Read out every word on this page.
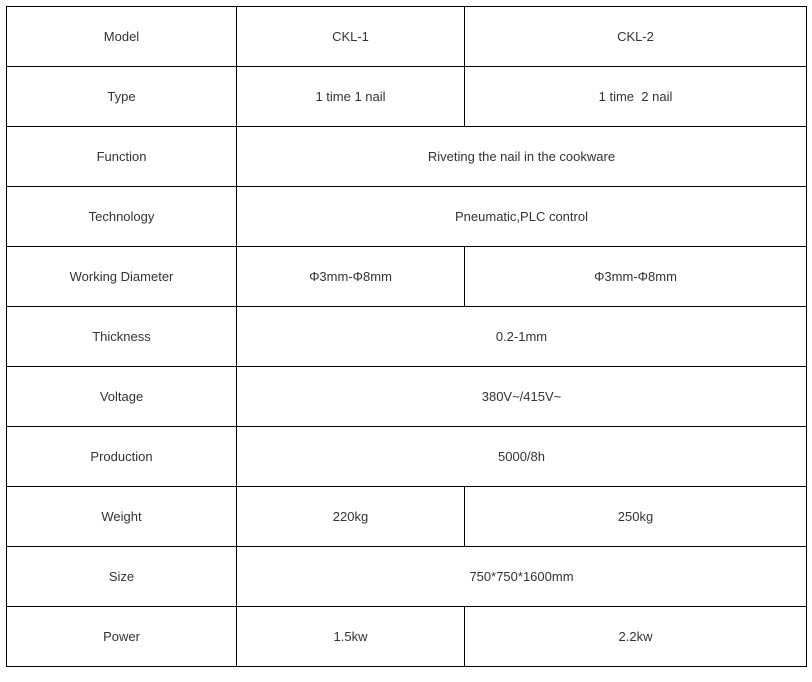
Model	CKL-1	CKL-2
Type	1 time 1 nail	1 time  2 nail
Function	Riveting the nail in the cookware	
Technology	Pneumatic,PLC control	
Working Diameter	Φ3mm-Φ8mm	Φ3mm-Φ8mm
Thickness	0.2-1mm	
Voltage	380V~/415V~	
Production	5000/8h	
Weight	220kg	250kg
Size	750*750*1600mm	
Power	1.5kw	2.2kw
